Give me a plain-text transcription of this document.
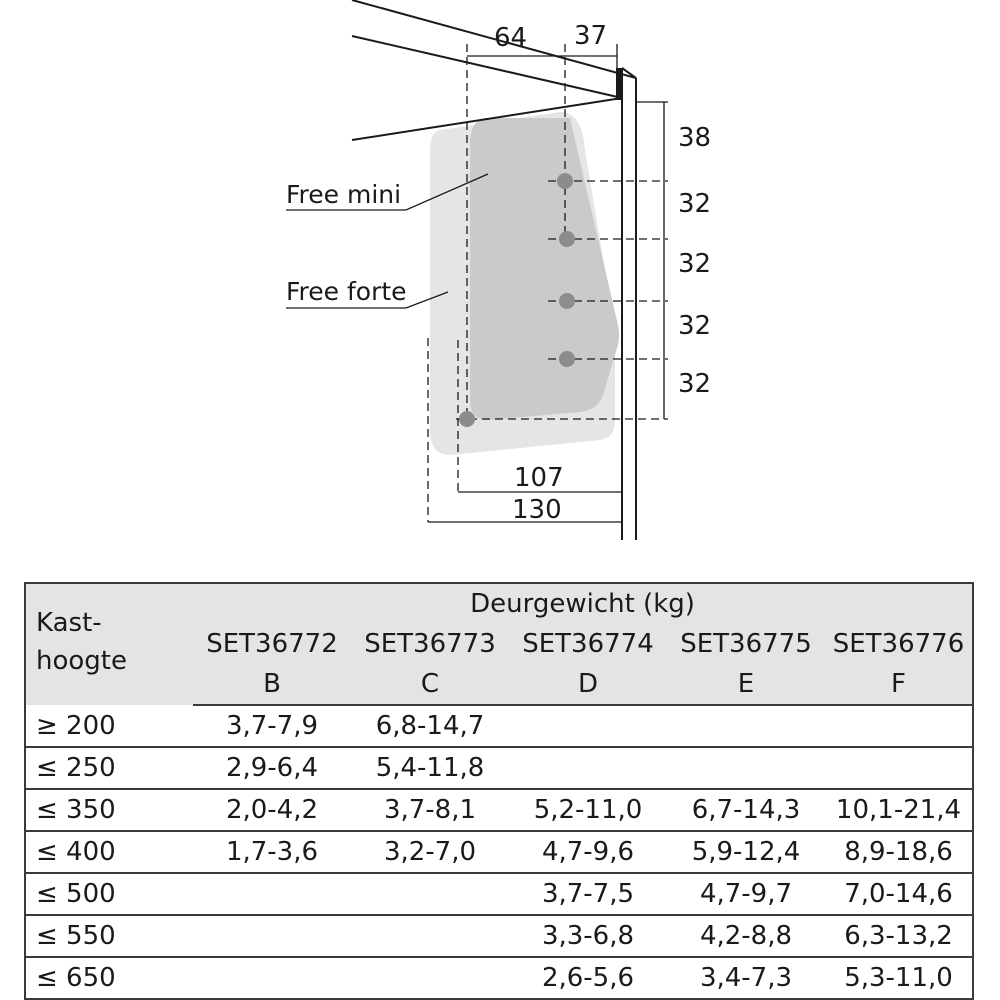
Free mini
Free forte
64 37
38
32
32
32
32
107
130
Kast-
hoogte	Deurgewicht (kg)				
	SET36772	SET36773	SET36774	SET36775	SET36776
	B	C	D	E	F
≥ 200	3,7-7,9	6,8-14,7			
≤ 250	2,9-6,4	5,4-11,8			
≤ 350	2,0-4,2	3,7-8,1	5,2-11,0	6,7-14,3	10,1-21,4
≤ 400	1,7-3,6	3,2-7,0	4,7-9,6	5,9-12,4	8,9-18,6
≤ 500			3,7-7,5	4,7-9,7	7,0-14,6
≤ 550			3,3-6,8	4,2-8,8	6,3-13,2
≤ 650			2,6-5,6	3,4-7,3	5,3-11,0
